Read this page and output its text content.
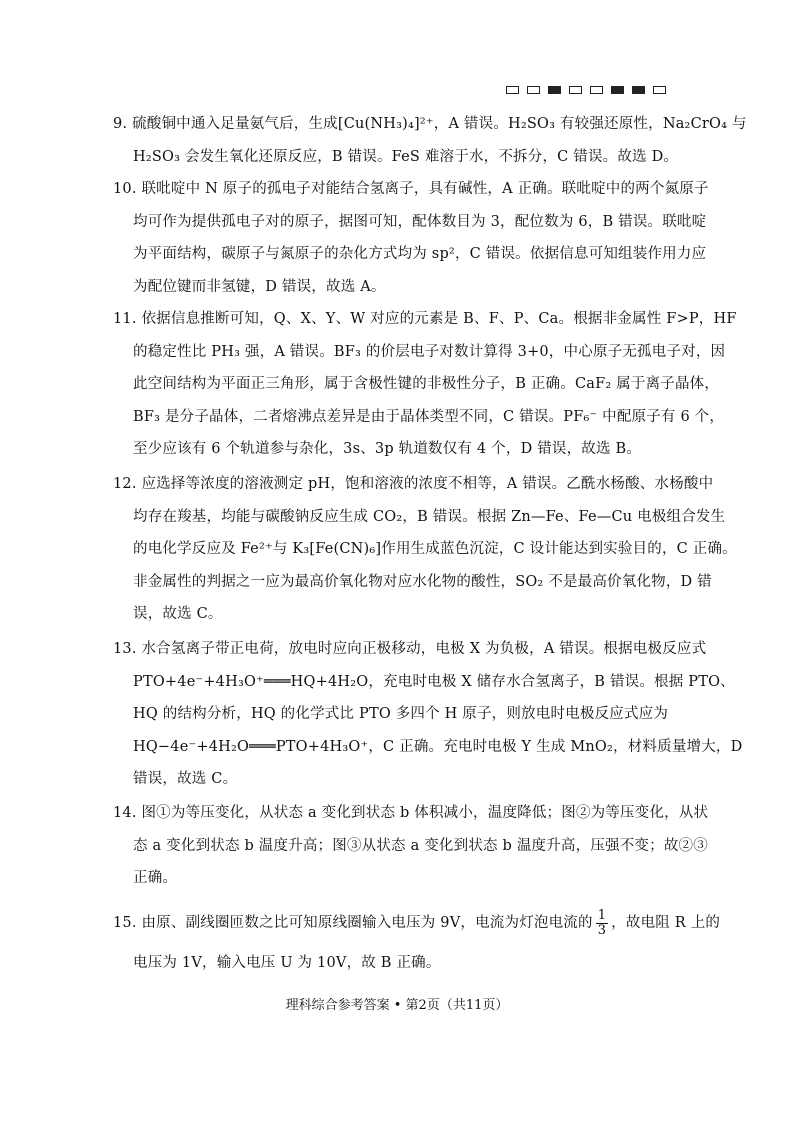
9. 硫酸铜中通入足量氨气后，生成[Cu(NH₃)₄]²⁺，A 错误。H₂SO₃ 有较强还原性，Na₂CrO₄ 与
H₂SO₃ 会发生氧化还原反应，B 错误。FeS 难溶于水，不拆分，C 错误。故选 D。
10. 联吡啶中 N 原子的孤电子对能结合氢离子，具有碱性，A 正确。联吡啶中的两个氮原子
均可作为提供孤电子对的原子，据图可知，配体数目为 3，配位数为 6，B 错误。联吡啶
为平面结构，碳原子与氮原子的杂化方式均为 sp²，C 错误。依据信息可知组装作用力应
为配位键而非氢键，D 错误，故选 A。
11. 依据信息推断可知，Q、X、Y、W 对应的元素是 B、F、P、Ca。根据非金属性 F>P，HF
的稳定性比 PH₃ 强，A 错误。BF₃ 的价层电子对数计算得 3+0，中心原子无孤电子对，因
此空间结构为平面正三角形，属于含极性键的非极性分子，B 正确。CaF₂ 属于离子晶体，
BF₃ 是分子晶体，二者熔沸点差异是由于晶体类型不同，C 错误。PF₆⁻ 中配原子有 6 个，
至少应该有 6 个轨道参与杂化，3s、3p 轨道数仅有 4 个，D 错误，故选 B。
12. 应选择等浓度的溶液测定 pH，饱和溶液的浓度不相等，A 错误。乙酰水杨酸、水杨酸中
均存在羧基，均能与碳酸钠反应生成 CO₂，B 错误。根据 Zn—Fe、Fe—Cu 电极组合发生
的电化学反应及 Fe²⁺与 K₃[Fe(CN)₆]作用生成蓝色沉淀，C 设计能达到实验目的，C 正确。
非金属性的判据之一应为最高价氧化物对应水化物的酸性，SO₂ 不是最高价氧化物，D 错
误，故选 C。
13. 水合氢离子带正电荷，放电时应向正极移动，电极 X 为负极，A 错误。根据电极反应式
PTO+4e⁻+4H₃O⁺═══HQ+4H₂O，充电时电极 X 储存水合氢离子，B 错误。根据 PTO、
HQ 的结构分析，HQ 的化学式比 PTO 多四个 H 原子，则放电时电极反应式应为
HQ−4e⁻+4H₂O═══PTO+4H₃O⁺，C 正确。充电时电极 Y 生成 MnO₂，材料质量增大，D
错误，故选 C。
14. 图①为等压变化，从状态 a 变化到状态 b 体积减小，温度降低；图②为等压变化，从状
态 a 变化到状态 b 温度升高；图③从状态 a 变化到状态 b 温度升高，压强不变；故②③
正确。
15. 由原、副线圈匝数之比可知原线圈输入电压为 9V，电流为灯泡电流的 $\frac{1}{3}$ ，故电阻 R 上的
电压为 1V，输入电压 U 为 10V，故 B 正确。
理科综合参考答案 • 第2页（共11页）
